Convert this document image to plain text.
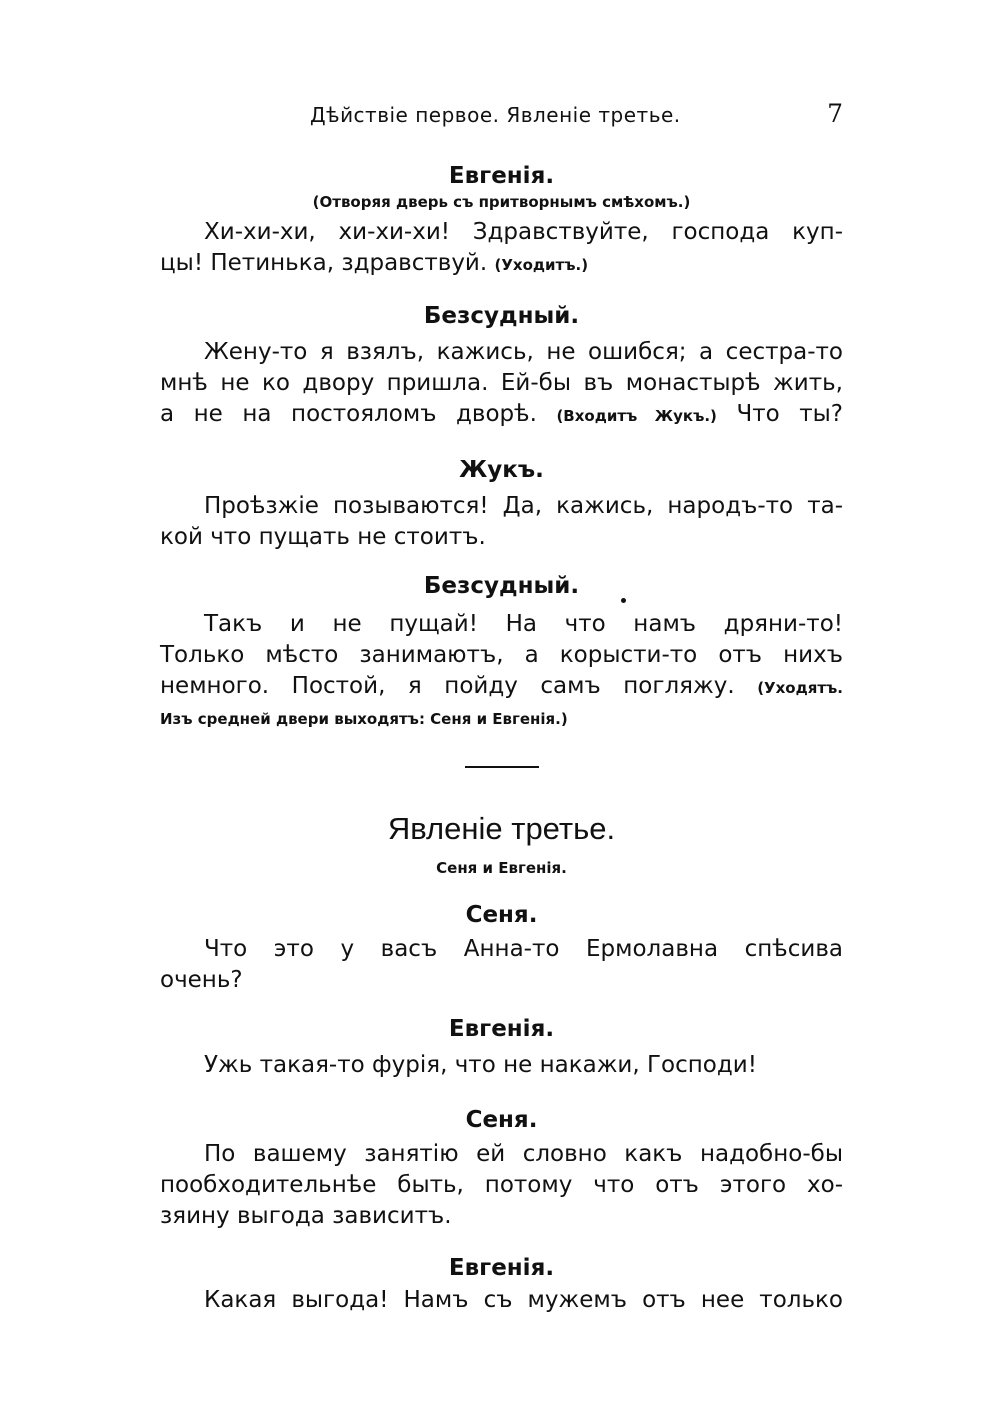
Дѣйствіе первое. Явленіе третье.	7
Евгенія.
(Отворяя дверь съ притворнымъ смѣхомъ.)

Хи-хи-хи, хи-хи-хи! Здравствуйте, господа куп-

цы! Петинька, здравствуй. (Уходитъ.)

Безсудный.

Жену-то я взялъ, кажись, не ошибся; а сестра-то

мнѣ не ко двору пришла. Ей-бы въ монастырѣ жить,

а не на постояломъ дворѣ. (Входитъ Жукъ.) Что ты?

Жукъ.

Проѣзжіе позываются! Да, кажись, народъ-то та-

кой что пущать не стоитъ.

Безсудный.

Такъ и не пущай! На что намъ дряни-то!

Только мѣсто занимаютъ, а корысти-то отъ нихъ

немного. Постой, я пойду самъ погляжу. (Уходятъ.

Изъ средней двери выходятъ: Сеня и Евгенія.)

Явленіе третье.
Сеня и Евгенія.
Сеня.

Что это у васъ Анна-то Ермолавна спѣсива

очень?

Евгенія.

Ужь такая-то фурія, что не накажи, Господи!

Сеня.

По вашему занятію ей словно какъ надобно-бы

пообходительнѣе быть, потому что отъ этого хо-

зяину выгода зависитъ.

Евгенія.

Какая выгода! Намъ съ мужемъ отъ нее только
